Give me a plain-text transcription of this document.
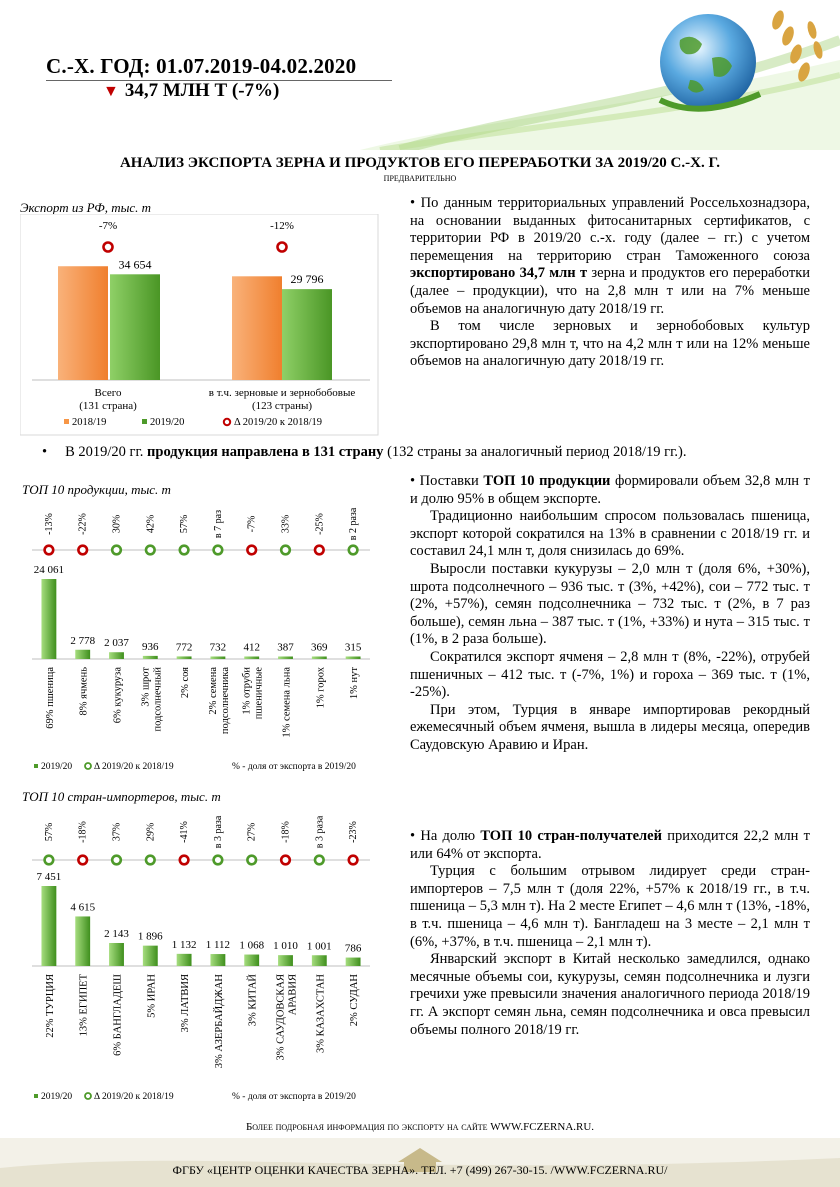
С.-Х. ГОД: 01.07.2019-04.02.2020
▼ 34,7 МЛН Т (-7%)
АНАЛИЗ ЭКСПОРТА ЗЕРНА И ПРОДУКТОВ ЕГО ПЕРЕРАБОТКИ ЗА 2019/20 С.-Х. Г.
ПРЕДВАРИТЕЛЬНО
Экспорт из РФ, тыс. т
34 654
-7%
Всего
(131 страна)
29 796
-12%
в т.ч. зерновые и зернобобовые
(123 страны)
2018/19	2019/20	Δ 2019/20 к 2018/19

• По данным территориальных управлений Россельхознадзора, на основании выданных фитосанитарных сертификатов, с территории РФ в 2019/20 с.-х. году (далее – гг.) с учетом перемещения на территорию стран Таможенного союза экспортировано 34,7 млн т зерна и продуктов его переработки (далее – продукции), что на 2,8 млн т или на 7% меньше объемов на аналогичную дату 2018/19 гг.

В том числе зерновых и зернобобовых культур экспортировано 29,8 млн т, что на 4,2 млн т или на 12% меньше объемов на аналогичную дату 2018/19 гг.

• В 2019/20 гг. продукция направлена в 131 страну (132 страны за аналогичный период 2018/19 гг.).
ТОП 10 продукции, тыс. т
24 061
-13%
69% пшеница
2 778
-22%
8% ячмень
2 037
30%
6% кукуруза
936
42%
3% шрот подсолнечный
772
57%
2% соя
732
в 7 раз
2% семена подсолнечника
412
-7%
1% отруби пшеничные
387
33%
1% семена льна
369
-25%
1% горох
315
в 2 раза
1% нут
2019/20 Δ 2019/20 к 2018/19	% - доля от экспорта в 2019/20

• Поставки ТОП 10 продукции формировали объем 32,8 млн т и долю 95% в общем экспорте.

Традиционно наибольшим спросом пользовалась пшеница, экспорт которой сократился на 13% в сравнении с 2018/19 гг. и составил 24,1 млн т, доля снизилась до 69%.

Выросли поставки кукурузы – 2,0 млн т (доля 6%, +30%), шрота подсолнечного – 936 тыс. т (3%, +42%), сои – 772 тыс. т (2%, +57%), семян подсолнечника – 732 тыс. т (2%, в 7 раз больше), семян льна – 387 тыс. т (1%, +33%) и нута – 315 тыс. т (1%, в 2 раза больше).

Сократился экспорт ячменя – 2,8 млн т (8%, -22%), отрубей пшеничных – 412 тыс. т (-7%, 1%) и гороха – 369 тыс. т (1%, -25%).

При этом, Турция в январе импортировав рекордный ежемесячный объем ячменя, вышла в лидеры месяца, опередив Саудовскую Аравию и Иран.

ТОП 10 стран-импортеров, тыс. т
7 451
57%
22% ТУРЦИЯ
4 615
-18%
13% ЕГИПЕТ
2 143
37%
6% БАНГЛАДЕШ
1 896
29%
5% ИРАН
1 132
-41%
3% ЛАТВИЯ
1 112
в 3 раза
3% АЗЕРБАЙДЖАН
1 068
27%
3% КИТАЙ
1 010
-18%
3% САУДОВСКАЯ АРАВИЯ
1 001
в 3 раза
3% КАЗАХСТАН
786
-23%
2% СУДАН
2019/20 Δ 2019/20 к 2018/19	% - доля от экспорта в 2019/20

• На долю ТОП 10 стран-получателей приходится 22,2 млн т или 64% от экспорта.

Турция с большим отрывом лидирует среди стран-импортеров – 7,5 млн т (доля 22%, +57% к 2018/19 гг., в т.ч. пшеница – 5,3 млн т). На 2 месте Египет – 4,6 млн т (13%, -18%, в т.ч. пшеница – 4,6 млн т). Бангладеш на 3 месте – 2,1 млн т (6%, +37%, в т.ч. пшеница – 2,1 млн т).

Январский экспорт в Китай несколько замедлился, однако месячные объемы сои, кукурузы, семян подсолнечника и лузги гречихи уже превысили значения аналогичного периода 2018/19 гг. А экспорт семян льна, семян подсолнечника и овса превысил объемы полного 2018/19 гг.

Более подробная информация по экспорту на сайте WWW.FCZERNA.RU.
ФГБУ «ЦЕНТР ОЦЕНКИ КАЧЕСТВА ЗЕРНА». ТЕЛ. +7 (499) 267-30-15. /WWW.FCZERNA.RU/
